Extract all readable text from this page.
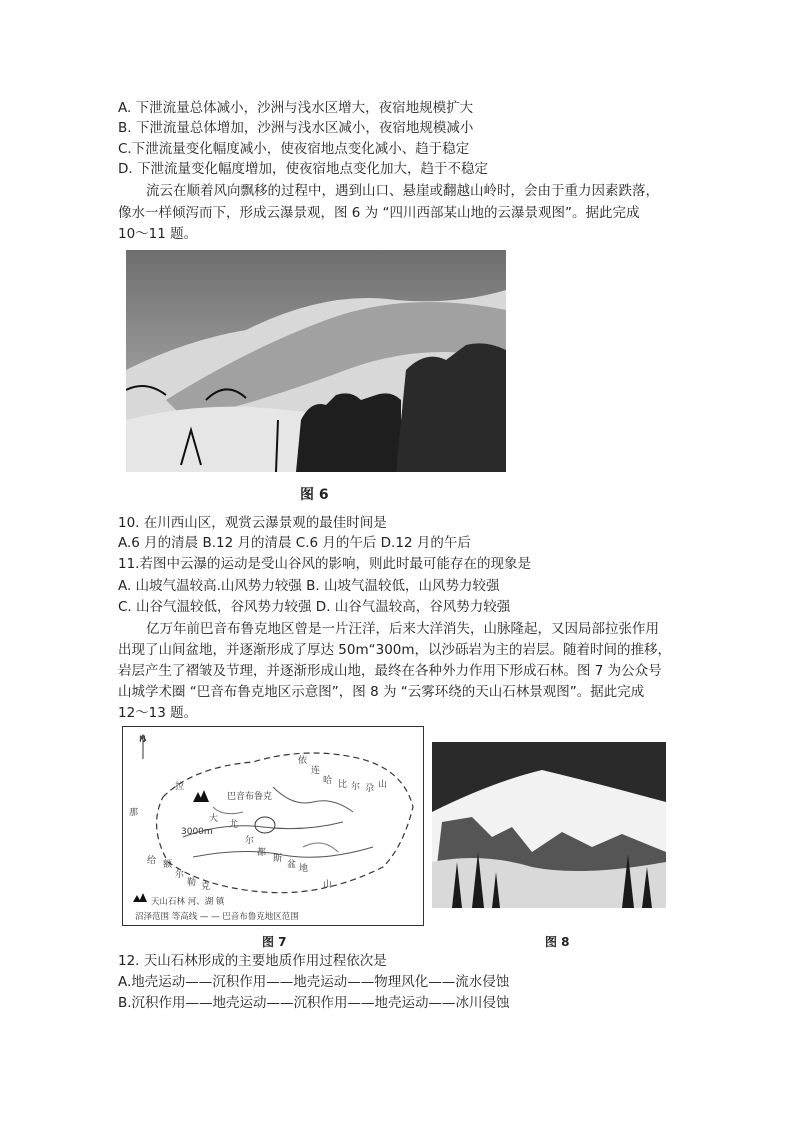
A. 下泄流量总体减小，沙洲与浅水区增大，夜宿地规模扩大
B. 下泄流量总体增加，沙洲与浅水区减小，夜宿地规模减小
C.下泄流量变化幅度减小，使夜宿地点变化减小、趋于稳定
D. 下泄流量变化幅度增加，使夜宿地点变化加大，趋于不稳定
流云在顺着风向飘移的过程中，遇到山口、悬崖或翻越山岭时，会由于重力因素跌落，
像水一样倾泻而下，形成云瀑景观，图 6 为 “四川西部某山地的云瀑景观图”。据此完成
10～11 题。
图 6
10. 在川西山区，观赏云瀑景观的最佳时间是
A.6 月的清晨 B.12 月的清晨 C.6 月的午后 D.12 月的午后
11.若图中云瀑的运动是受山谷风的影响，则此时最可能存在的现象是
A. 山坡气温较高.山风势力较强 B. 山坡气温较低，山风势力较强
C. 山谷气温较低，谷风势力较强 D. 山谷气温较高，谷风势力较强
亿万年前巴音布鲁克地区曾是一片汪洋，后来大洋消失，山脉隆起，又因局部拉张作用
出现了山间盆地，并逐渐形成了厚达 50m“300m，以沙砾岩为主的岩层。随着时间的推移，
岩层产生了褶皱及节理，并逐渐形成山地，最终在各种外力作用下形成石林。图 7 为公众号
山城学术圈 “巴音布鲁克地区示意图”，图 8 为 “云雾环绕的天山石林景观图”。据此完成
12～13 题。
N
3000m
依
连
哈 比 尔 尕 山
拉
巴音布鲁克
大
尤
尔
都
斯
盆 地
额
尔
勒 克	山
那
给
天山石林 河、湖 镇
沼泽范围 等高线 — — 巴音布鲁克地区范围
图 7	图 8
12. 天山石林形成的主要地质作用过程依次是
A.地壳运动——沉积作用——地壳运动——物理风化——流水侵蚀
B.沉积作用——地壳运动——沉积作用——地壳运动——冰川侵蚀
